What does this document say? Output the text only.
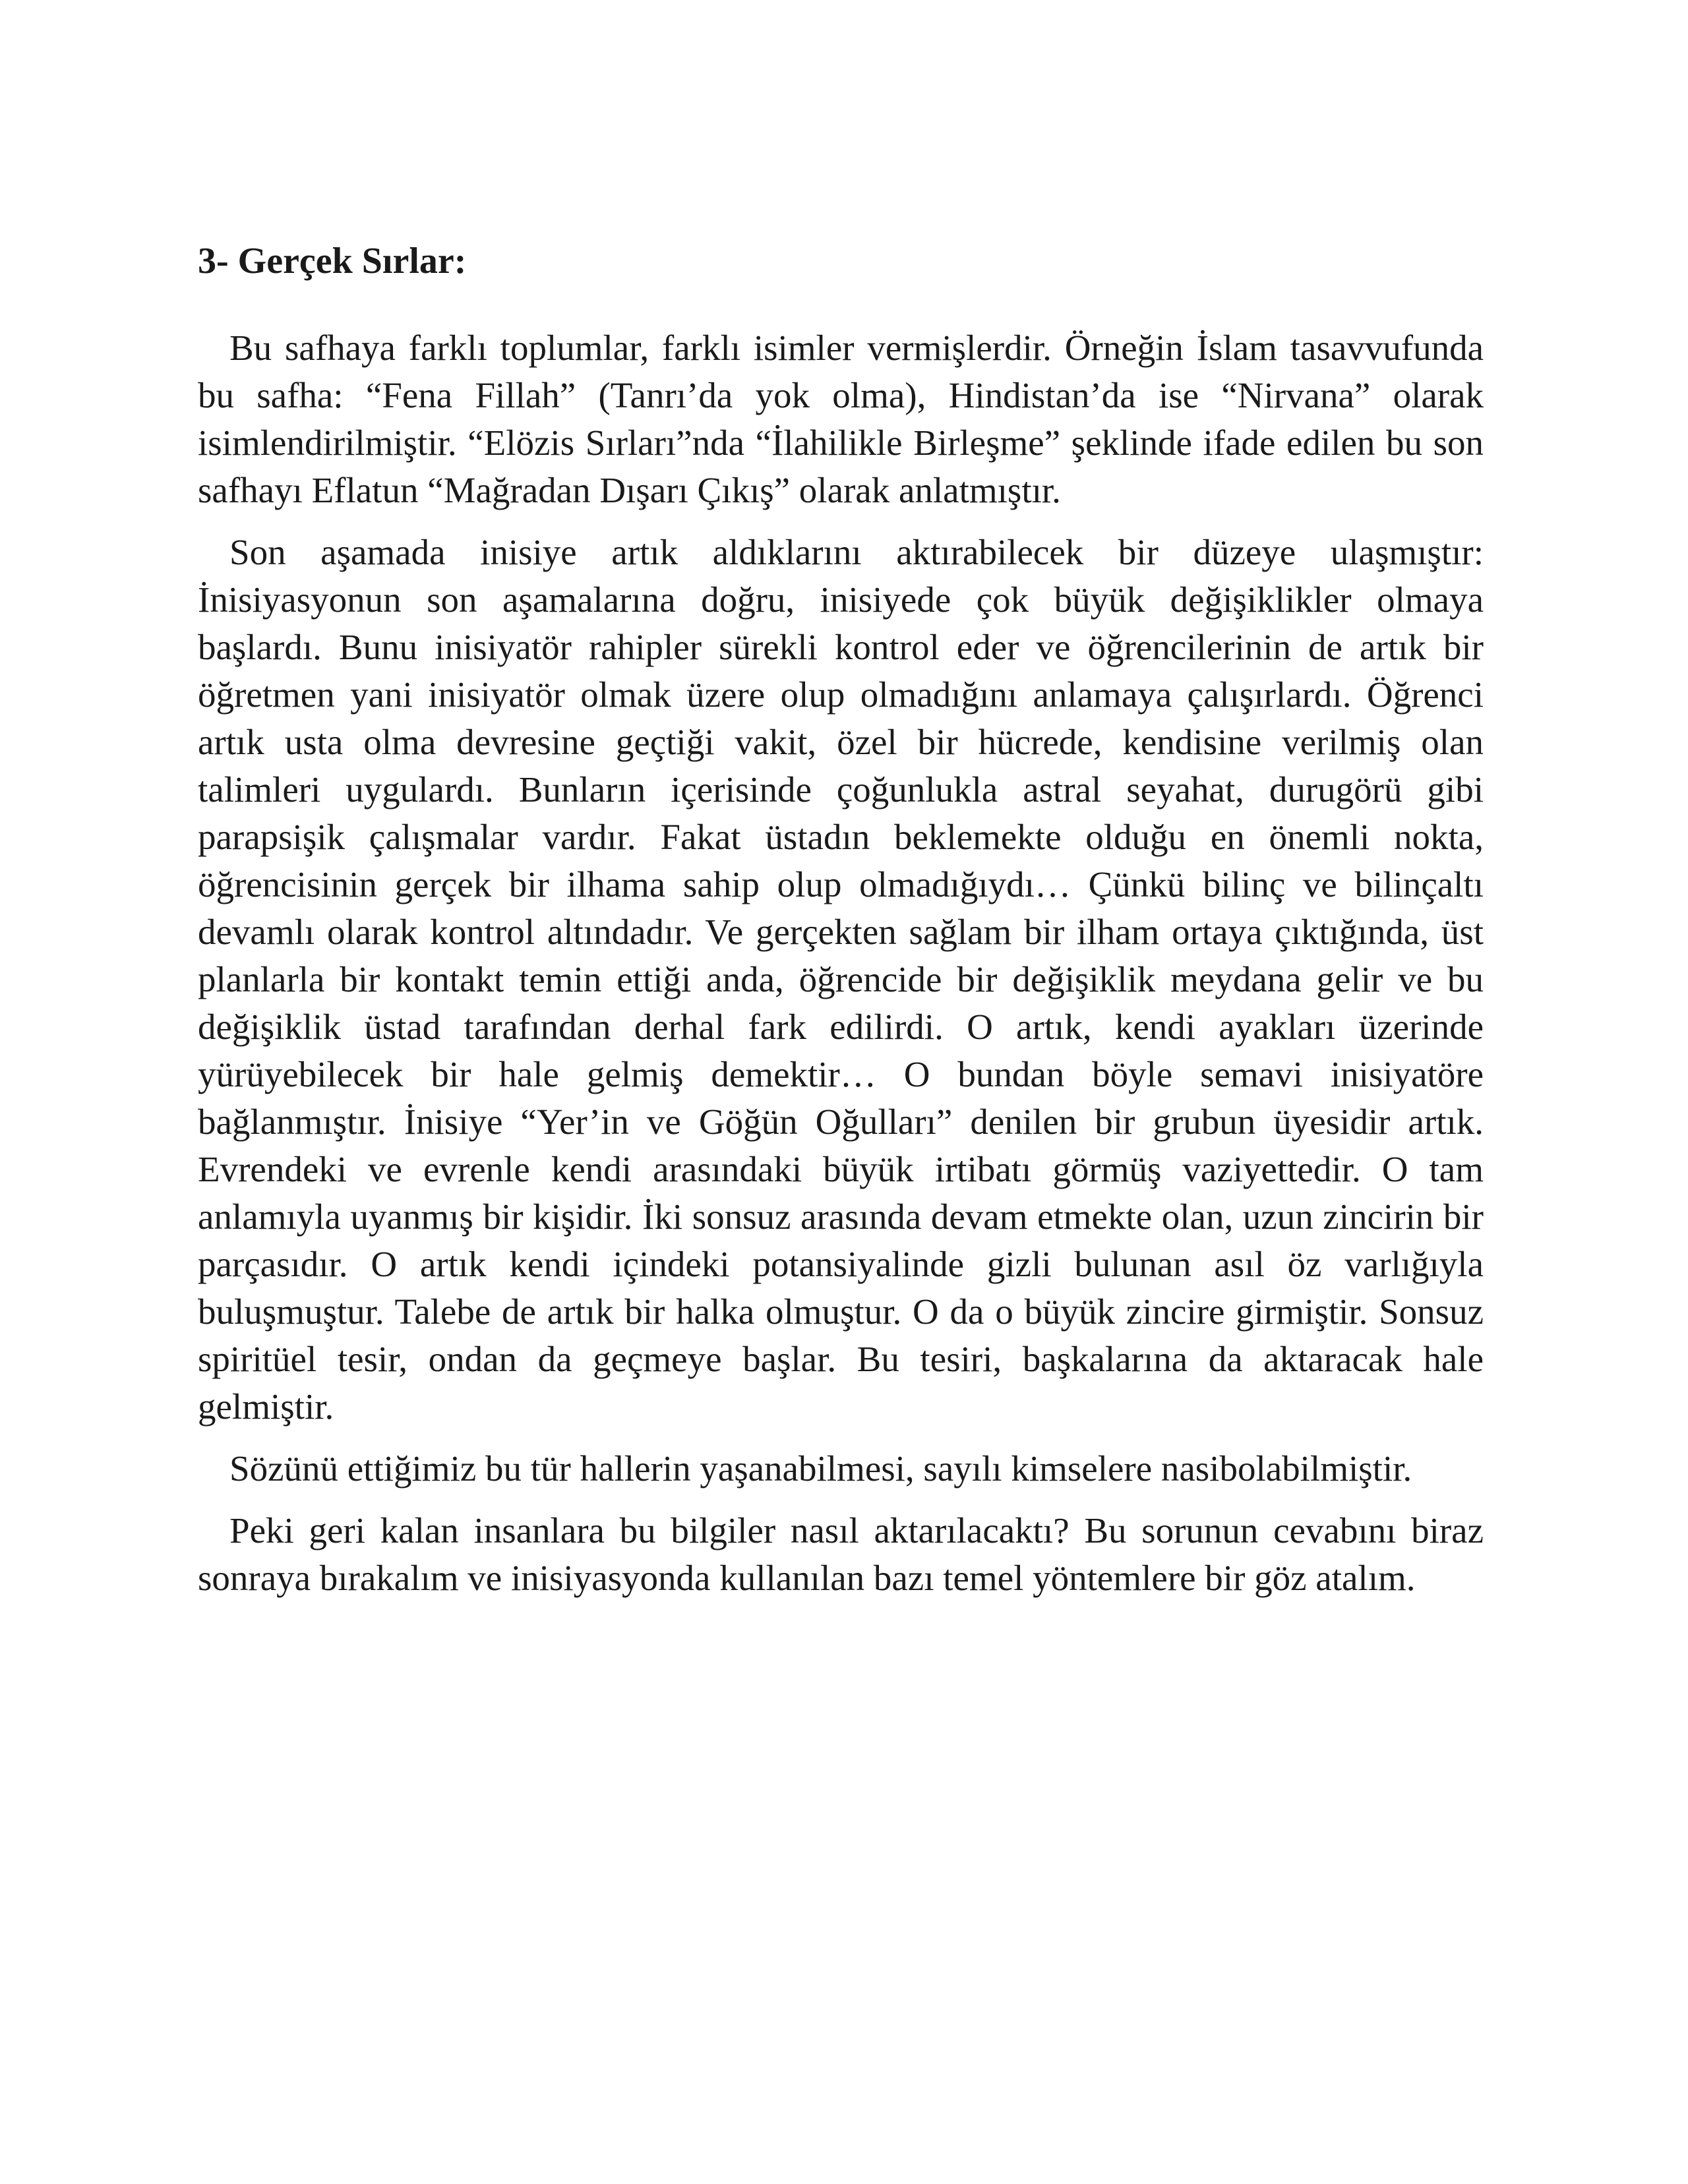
3- Gerçek Sırlar:

Bu safhaya farklı toplumlar, farklı isimler vermişlerdir. Örneğin İslam tasavvufunda bu safha: “Fena Fillah” (Tanrı’da yok olma), Hindistan’da ise “Nirvana” olarak isimlendirilmiştir. “Elözis Sırları”nda “İlahilikle Birleşme” şeklinde ifade edilen bu son safhayı Eflatun “Mağradan Dışarı Çıkış” olarak anlatmıştır.

Son aşamada inisiye artık aldıklarını aktırabilecek bir düzeye ulaşmıştır: İnisiyasyonun son aşamalarına doğru, inisiyede çok büyük değişiklikler olmaya başlardı. Bunu inisiyatör rahipler sürekli kontrol eder ve öğrencilerinin de artık bir öğretmen yani inisiyatör olmak üzere olup olmadığını anlamaya çalışırlardı. Öğrenci artık usta olma devresine geçtiği vakit, özel bir hücrede, kendisine verilmiş olan talimleri uygulardı. Bunların içerisinde çoğunlukla astral seyahat, durugörü gibi parapsişik çalışmalar vardır. Fakat üstadın beklemekte olduğu en önemli nokta, öğrencisinin gerçek bir ilhama sahip olup olmadığıydı… Çünkü bilinç ve bilinçaltı devamlı olarak kontrol altındadır. Ve gerçekten sağlam bir ilham ortaya çıktığında, üst planlarla bir kontakt temin ettiği anda, öğrencide bir değişiklik meydana gelir ve bu değişiklik üstad tarafından derhal fark edilirdi. O artık, kendi ayakları üzerinde yürüyebilecek bir hale gelmiş demektir… O bundan böyle semavi inisiyatöre bağlanmıştır. İnisiye “Yer’in ve Göğün Oğulları” denilen bir grubun üyesidir artık. Evrendeki ve evrenle kendi arasındaki büyük irtibatı görmüş vaziyettedir. O tam anlamıyla uyanmış bir kişidir. İki sonsuz arasında devam etmekte olan, uzun zincirin bir parçasıdır. O artık kendi içindeki potansiyalinde gizli bulunan asıl öz varlığıyla buluşmuştur. Talebe de artık bir halka olmuştur. O da o büyük zincire girmiştir. Sonsuz spiritüel tesir, ondan da geçmeye başlar. Bu tesiri, başkalarına da aktaracak hale gelmiştir.

Sözünü ettiğimiz bu tür hallerin yaşanabilmesi, sayılı kimselere nasibolabilmiştir.

Peki geri kalan insanlara bu bilgiler nasıl aktarılacaktı? Bu sorunun cevabını biraz sonraya bırakalım ve inisiyasyonda kullanılan bazı temel yöntemlere bir göz atalım.
